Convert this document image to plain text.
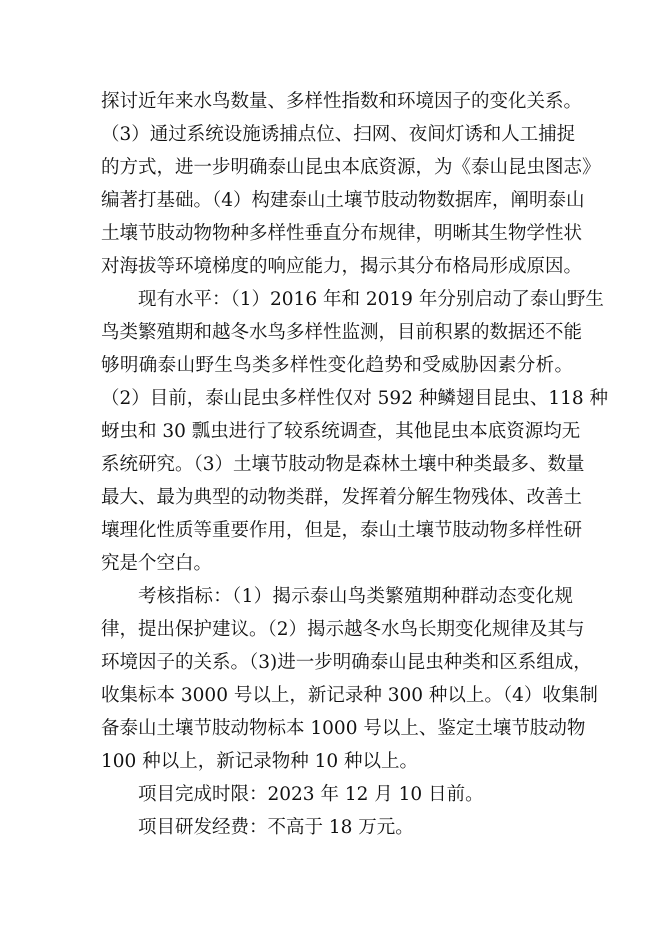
探讨近年来水鸟数量、多样性指数和环境因子的变化关系。
（3）通过系统设施诱捕点位、扫网、夜间灯诱和人工捕捉
的方式，进一步明确泰山昆虫本底资源，为《泰山昆虫图志》
编著打基础。（4）构建泰山土壤节肢动物数据库，阐明泰山
土壤节肢动物物种多样性垂直分布规律，明晰其生物学性状
对海拔等环境梯度的响应能力，揭示其分布格局形成原因。
现有水平：（1）2016 年和 2019 年分别启动了泰山野生
鸟类繁殖期和越冬水鸟多样性监测，目前积累的数据还不能
够明确泰山野生鸟类多样性变化趋势和受威胁因素分析。
（2）目前，泰山昆虫多样性仅对 592 种鳞翅目昆虫、118 种
蚜虫和 30 瓢虫进行了较系统调查，其他昆虫本底资源均无
系统研究。（3）土壤节肢动物是森林土壤中种类最多、数量
最大、最为典型的动物类群，发挥着分解生物残体、改善土
壤理化性质等重要作用，但是，泰山土壤节肢动物多样性研
究是个空白。
考核指标：（1）揭示泰山鸟类繁殖期种群动态变化规
律，提出保护建议。（2）揭示越冬水鸟长期变化规律及其与
环境因子的关系。（3)进一步明确泰山昆虫种类和区系组成，
收集标本 3000 号以上，新记录种 300 种以上。（4）收集制
备泰山土壤节肢动物标本 1000 号以上、鉴定土壤节肢动物
100 种以上，新记录物种 10 种以上。
项目完成时限：2023 年 12 月 10 日前。
项目研发经费：不高于 18 万元。
